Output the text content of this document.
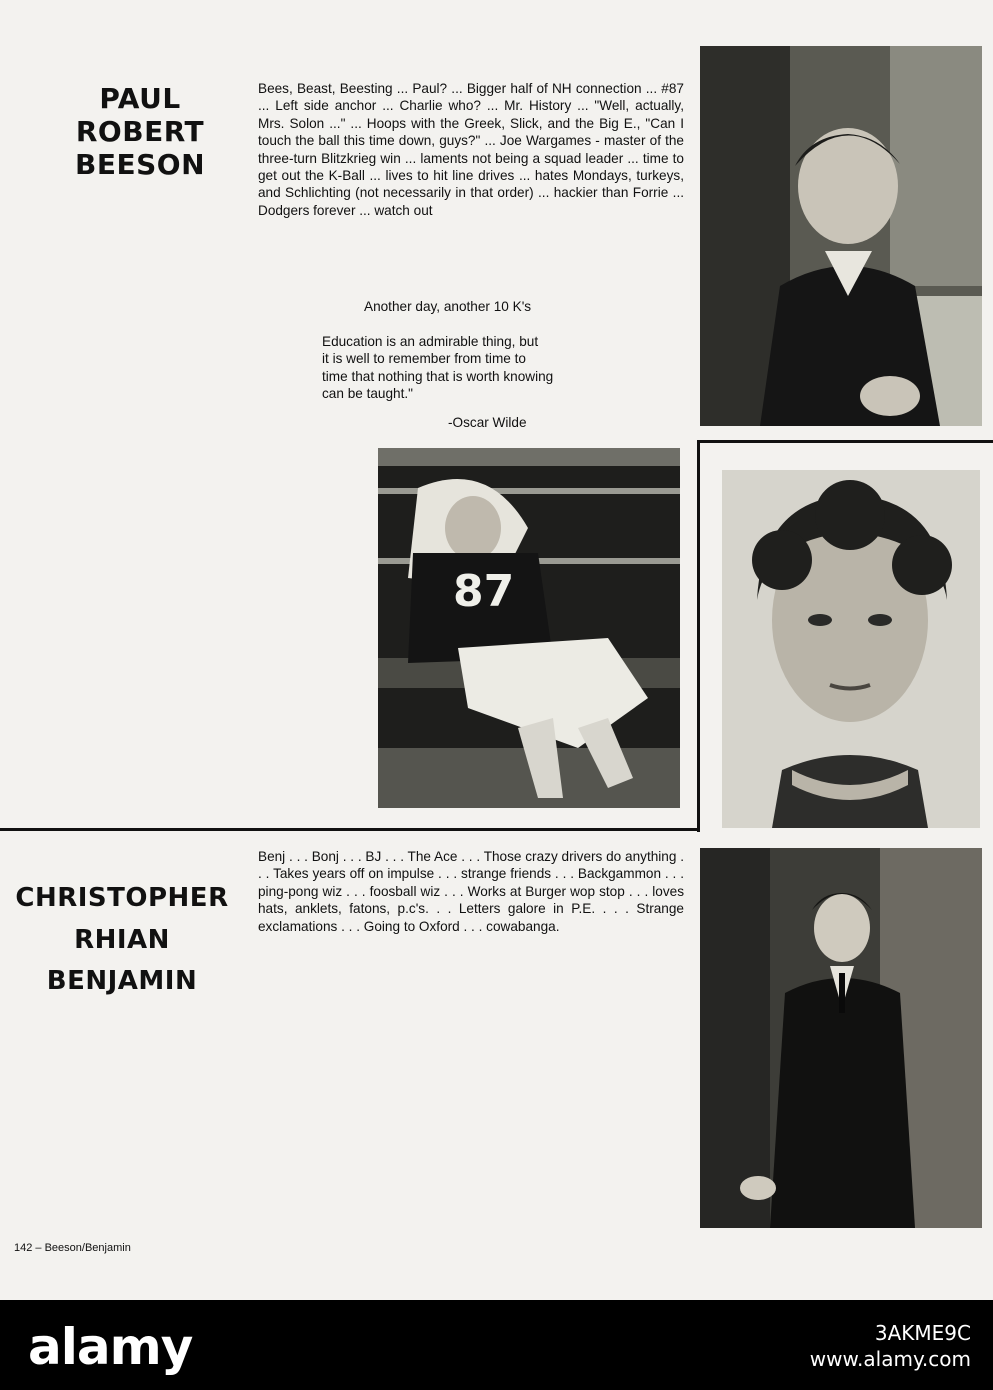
PAUL
ROBERT
BEESON
Bees, Beast, Beesting ... Paul? ... Bigger half of NH connection ... #87 ... Left side anchor ... Charlie who? ... Mr. History ... "Well, actually, Mrs. Solon ..." ... Hoops with the Greek, Slick, and the Big E., "Can I touch the ball this time down, guys?" ... Joe Wargames - master of the three-turn Blitzkrieg win ... laments not being a squad leader ... time to get out the K-Ball ... lives to hit line drives ... hates Mondays, turkeys, and Schlichting (not necessarily in that order) ... hackier than Forrie ... Dodgers forever ... watch out
Another day, another 10 K's
Education is an admirable thing, but
it is well to remember from time to
time that nothing that is worth knowing
can be taught."
-Oscar Wilde
87
CHRISTOPHER
RHIAN
BENJAMIN
Benj . . . Bonj . . . BJ . . . The Ace . . . Those crazy drivers do anything . . . Takes years off on impulse . . . strange friends . . . Backgammon . . . ping-pong wiz . . . foosball wiz . . . Works at Burger wop stop . . . loves hats, anklets, fatons, p.c's. . . Letters galore in P.E. . . . Strange exclamations . . . Going to Oxford . . . cowabanga.
142 – Beeson/Benjamin
alamy	3AKME9C
www.alamy.com
